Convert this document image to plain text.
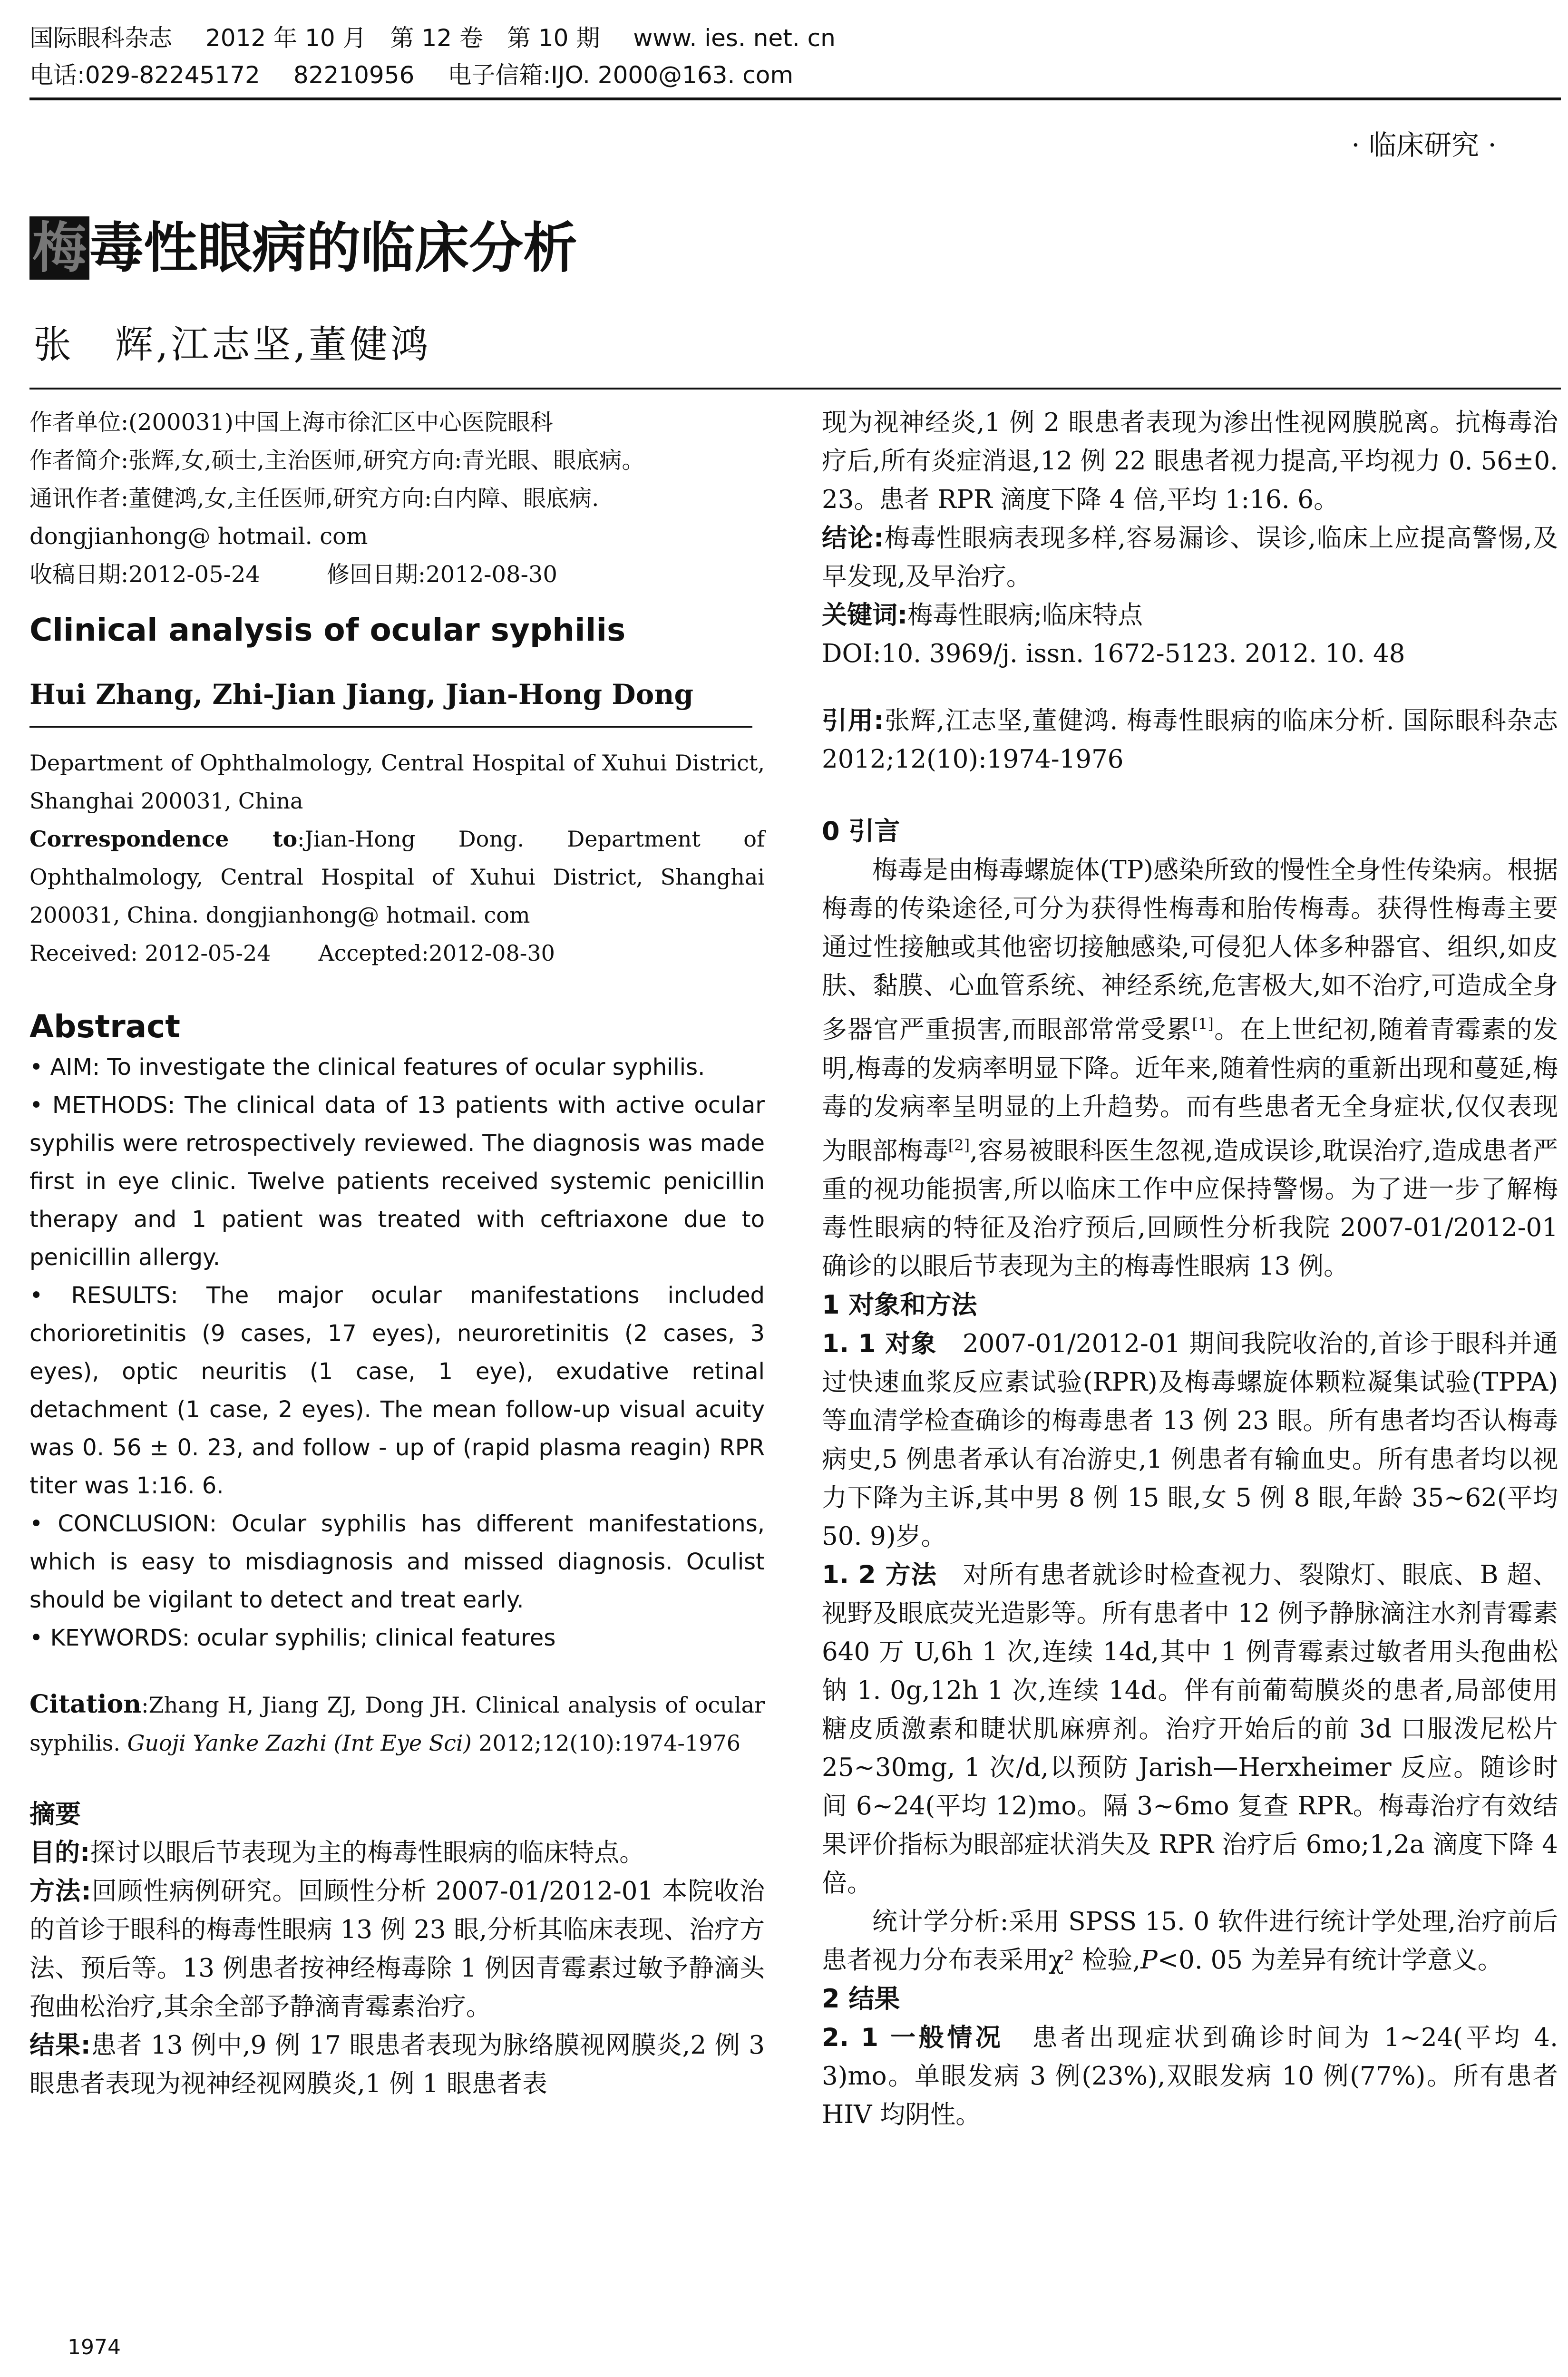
国际眼科杂志 2012 年 10 月　第 12 卷　第 10 期 www. ies. net. cn
电话:029-82245172 82210956 电子信箱:IJO. 2000@163. com
· 临床研究 ·
梅毒性眼病的临床分析
张　辉,江志坚,董健鸿

作者单位:(200031)中国上海市徐汇区中心医院眼科

作者简介:张辉,女,硕士,主治医师,研究方向:青光眼、眼底病。

通讯作者:董健鸿,女,主任医师,研究方向:白内障、眼底病.

dongjianhong@ hotmail. com

收稿日期:2012-05-24	修回日期:2012-08-30

Clinical analysis of ocular syphilis
Hui Zhang, Zhi-Jian Jiang, Jian-Hong Dong

Department of Ophthalmology, Central Hospital of Xuhui District, Shanghai 200031, China

Correspondence to:Jian-Hong Dong. Department of Ophthalmology, Central Hospital of Xuhui District, Shanghai 200031, China. dongjianhong@ hotmail. com

Received: 2012-05-24 Accepted:2012-08-30

Abstract

• AIM: To investigate the clinical features of ocular syphilis.

• METHODS: The clinical data of 13 patients with active ocular syphilis were retrospectively reviewed. The diagnosis was made first in eye clinic. Twelve patients received systemic penicillin therapy and 1 patient was treated with ceftriaxone due to penicillin allergy.

• RESULTS: The major ocular manifestations included chorioretinitis (9 cases, 17 eyes), neuroretinitis (2 cases, 3 eyes), optic neuritis (1 case, 1 eye), exudative retinal detachment (1 case, 2 eyes). The mean follow-up visual acuity was 0. 56 ± 0. 23, and follow - up of (rapid plasma reagin) RPR titer was 1:16. 6.

• CONCLUSION: Ocular syphilis has different manifestations, which is easy to misdiagnosis and missed diagnosis. Oculist should be vigilant to detect and treat early.

• KEYWORDS: ocular syphilis; clinical features

Citation:Zhang H, Jiang ZJ, Dong JH. Clinical analysis of ocular syphilis. Guoji Yanke Zazhi (Int Eye Sci) 2012;12(10):1974-1976

摘要

目的:探讨以眼后节表现为主的梅毒性眼病的临床特点。

方法:回顾性病例研究。回顾性分析 2007-01/2012-01 本院收治的首诊于眼科的梅毒性眼病 13 例 23 眼,分析其临床表现、治疗方法、预后等。13 例患者按神经梅毒除 1 例因青霉素过敏予静滴头孢曲松治疗,其余全部予静滴青霉素治疗。

结果:患者 13 例中,9 例 17 眼患者表现为脉络膜视网膜炎,2 例 3 眼患者表现为视神经视网膜炎,1 例 1 眼患者表

现为视神经炎,1 例 2 眼患者表现为渗出性视网膜脱离。抗梅毒治疗后,所有炎症消退,12 例 22 眼患者视力提高,平均视力 0. 56±0. 23。患者 RPR 滴度下降 4 倍,平均 1:16. 6。

结论:梅毒性眼病表现多样,容易漏诊、误诊,临床上应提高警惕,及早发现,及早治疗。

关键词:梅毒性眼病;临床特点

DOI:10. 3969/j. issn. 1672-5123. 2012. 10. 48

引用:张辉,江志坚,董健鸿. 梅毒性眼病的临床分析. 国际眼科杂志 2012;12(10):1974-1976

0 引言

梅毒是由梅毒螺旋体(TP)感染所致的慢性全身性传染病。根据梅毒的传染途径,可分为获得性梅毒和胎传梅毒。获得性梅毒主要通过性接触或其他密切接触感染,可侵犯人体多种器官、组织,如皮肤、黏膜、心血管系统、神经系统,危害极大,如不治疗,可造成全身多器官严重损害,而眼部常常受累[1]。在上世纪初,随着青霉素的发明,梅毒的发病率明显下降。近年来,随着性病的重新出现和蔓延,梅毒的发病率呈明显的上升趋势。而有些患者无全身症状,仅仅表现为眼部梅毒[2],容易被眼科医生忽视,造成误诊,耽误治疗,造成患者严重的视功能损害,所以临床工作中应保持警惕。为了进一步了解梅毒性眼病的特征及治疗预后,回顾性分析我院 2007-01/2012-01 确诊的以眼后节表现为主的梅毒性眼病 13 例。

1 对象和方法

1. 1 对象　2007-01/2012-01 期间我院收治的,首诊于眼科并通过快速血浆反应素试验(RPR)及梅毒螺旋体颗粒凝集试验(TPPA)等血清学检查确诊的梅毒患者 13 例 23 眼。所有患者均否认梅毒病史,5 例患者承认有冶游史,1 例患者有输血史。所有患者均以视力下降为主诉,其中男 8 例 15 眼,女 5 例 8 眼,年龄 35~62(平均 50. 9)岁。

1. 2 方法　对所有患者就诊时检查视力、裂隙灯、眼底、B 超、视野及眼底荧光造影等。所有患者中 12 例予静脉滴注水剂青霉素 640 万 U,6h 1 次,连续 14d,其中 1 例青霉素过敏者用头孢曲松钠 1. 0g,12h 1 次,连续 14d。伴有前葡萄膜炎的患者,局部使用糖皮质激素和睫状肌麻痹剂。治疗开始后的前 3d 口服泼尼松片 25~30mg, 1 次/d,以预防 Jarish—Herxheimer 反应。随诊时间 6~24(平均 12)mo。隔 3~6mo 复查 RPR。梅毒治疗有效结果评价指标为眼部症状消失及 RPR 治疗后 6mo;1,2a 滴度下降 4 倍。

统计学分析:采用 SPSS 15. 0 软件进行统计学处理,治疗前后患者视力分布表采用χ² 检验,P<0. 05 为差异有统计学意义。

2 结果

2. 1 一般情况　患者出现症状到确诊时间为 1~24(平均 4. 3)mo。单眼发病 3 例(23%),双眼发病 10 例(77%)。所有患者 HIV 均阴性。

1974
